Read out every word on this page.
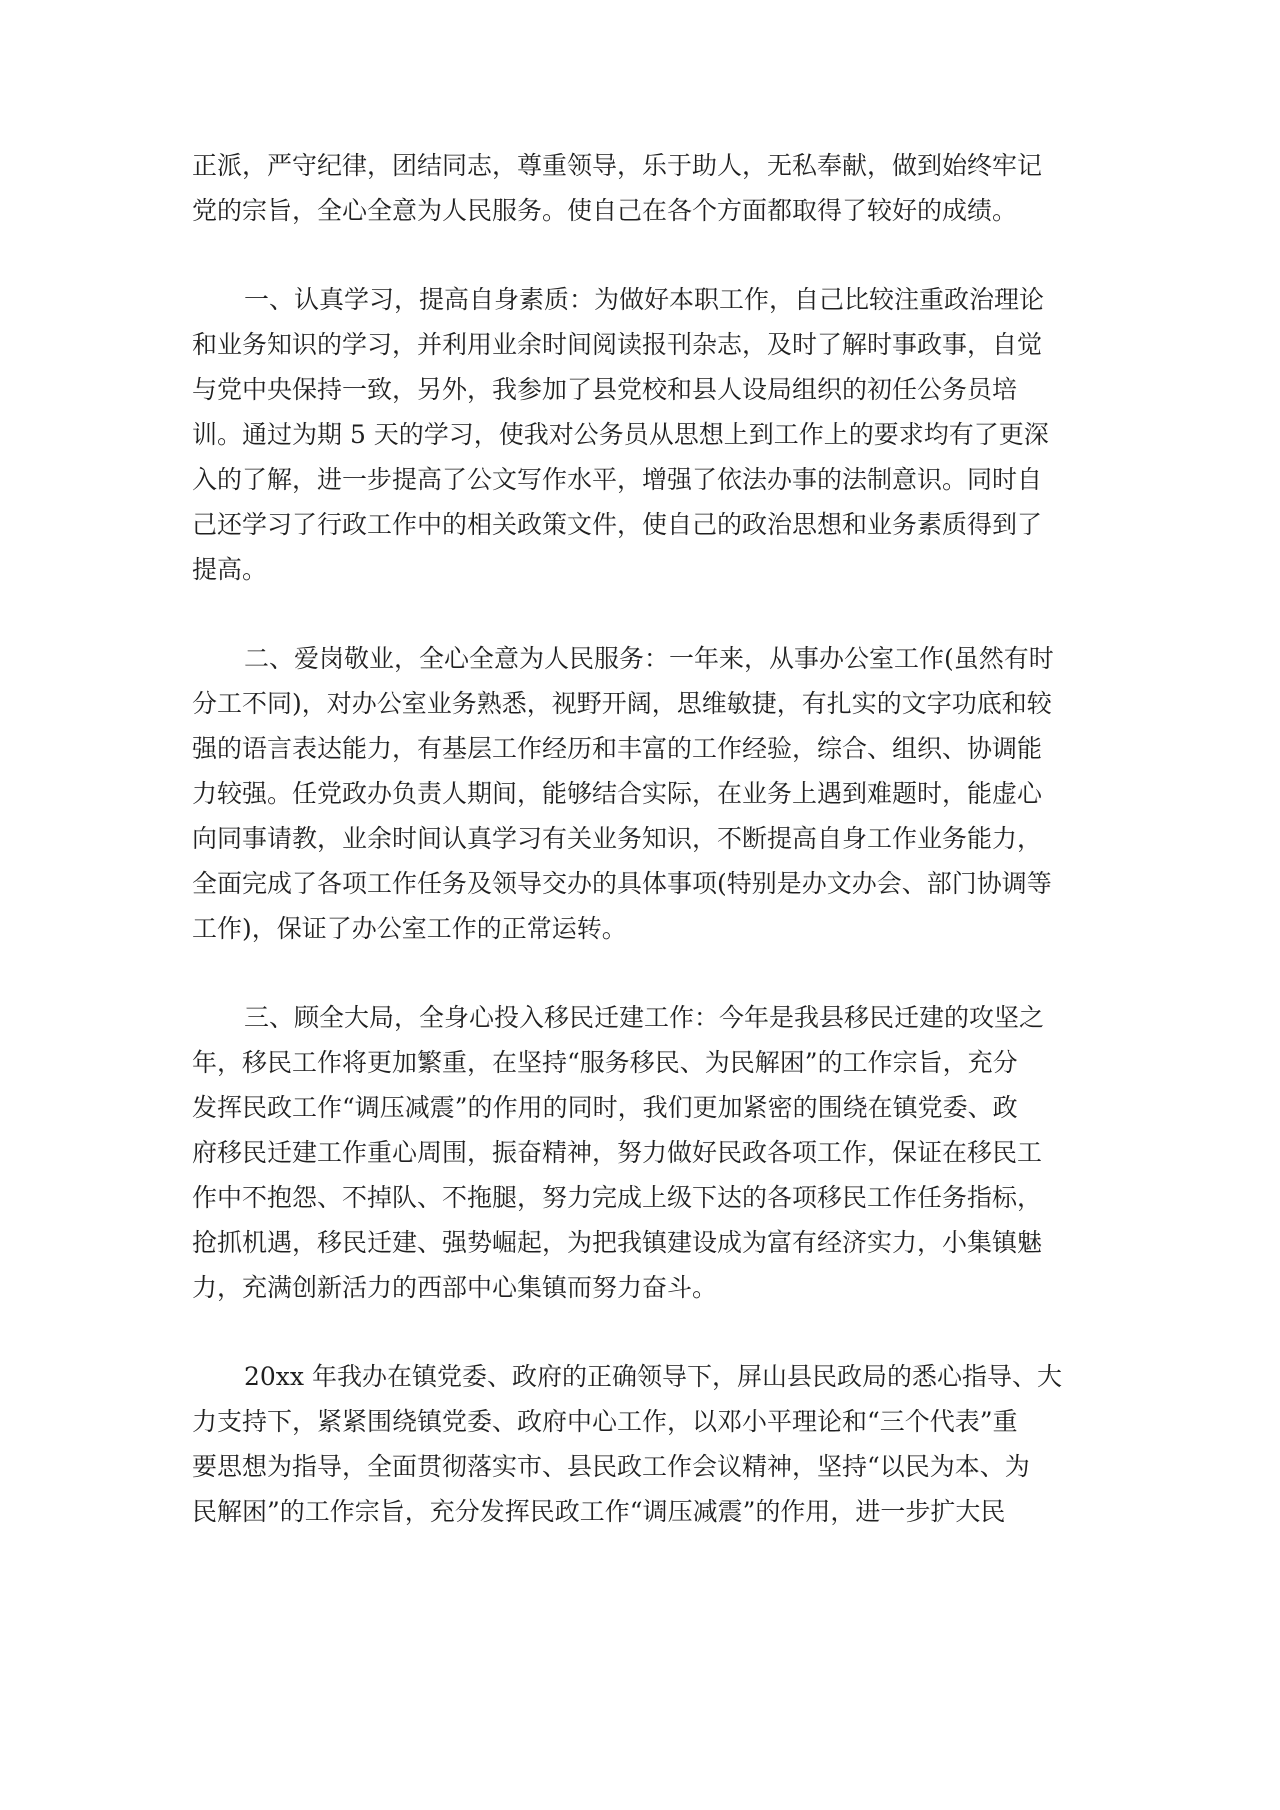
正派，严守纪律，团结同志，尊重领导，乐于助人，无私奉献，做到始终牢记
党的宗旨，全心全意为人民服务。使自己在各个方面都取得了较好的成绩。
一、认真学习，提高自身素质：为做好本职工作，自己比较注重政治理论
和业务知识的学习，并利用业余时间阅读报刊杂志，及时了解时事政事，自觉
与党中央保持一致，另外，我参加了县党校和县人设局组织的初任公务员培
训。通过为期 5 天的学习，使我对公务员从思想上到工作上的要求均有了更深
入的了解，进一步提高了公文写作水平，增强了依法办事的法制意识。同时自
己还学习了行政工作中的相关政策文件，使自己的政治思想和业务素质得到了
提高。
二、爱岗敬业，全心全意为人民服务：一年来，从事办公室工作(虽然有时
分工不同)，对办公室业务熟悉，视野开阔，思维敏捷，有扎实的文字功底和较
强的语言表达能力，有基层工作经历和丰富的工作经验，综合、组织、协调能
力较强。任党政办负责人期间，能够结合实际，在业务上遇到难题时，能虚心
向同事请教，业余时间认真学习有关业务知识，不断提高自身工作业务能力，
全面完成了各项工作任务及领导交办的具体事项(特别是办文办会、部门协调等
工作)，保证了办公室工作的正常运转。
三、顾全大局，全身心投入移民迁建工作：今年是我县移民迁建的攻坚之
年，移民工作将更加繁重，在坚持“服务移民、为民解困”的工作宗旨，充分
发挥民政工作“调压减震”的作用的同时，我们更加紧密的围绕在镇党委、政
府移民迁建工作重心周围，振奋精神，努力做好民政各项工作，保证在移民工
作中不抱怨、不掉队、不拖腿，努力完成上级下达的各项移民工作任务指标，
抢抓机遇，移民迁建、强势崛起，为把我镇建设成为富有经济实力，小集镇魅
力，充满创新活力的西部中心集镇而努力奋斗。
20xx 年我办在镇党委、政府的正确领导下，屏山县民政局的悉心指导、大
力支持下，紧紧围绕镇党委、政府中心工作，以邓小平理论和“三个代表”重
要思想为指导，全面贯彻落实市、县民政工作会议精神，坚持“以民为本、为
民解困”的工作宗旨，充分发挥民政工作“调压减震”的作用，进一步扩大民
